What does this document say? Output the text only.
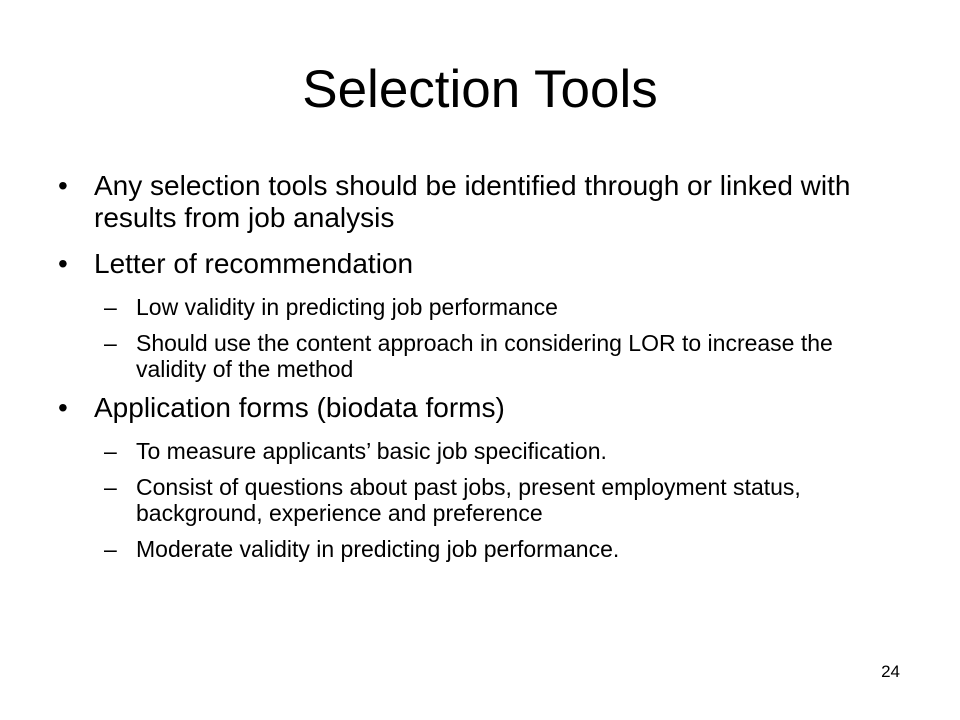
Selection Tools
• Any selection tools should be identified through or linked with results from job analysis
• Letter of recommendation
– Low validity in predicting job performance
– Should use the content approach in considering LOR to increase the validity of the method
• Application forms (biodata forms)
– To measure applicants’ basic job specification.
– Consist of questions about past jobs, present employment status, background, experience and preference
– Moderate validity in predicting job performance.
24
